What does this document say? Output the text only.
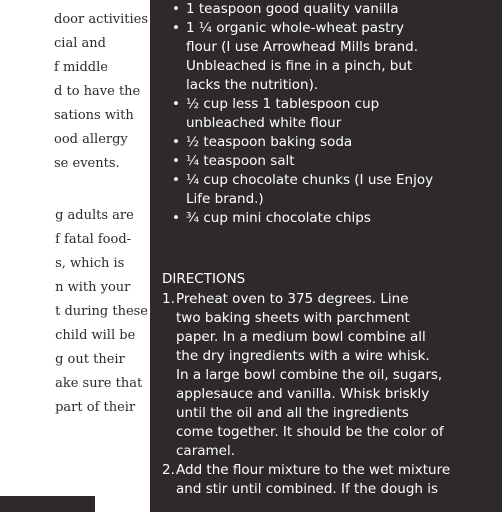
door activities
cial and
f middle
d to have the
sations with
ood allergy
se events.
g adults are
f fatal food-
s, which is
n with your
t during these
child will be
g out their
ake sure that
part of their
• 1 teaspoon good quality vanilla
• 1 ¼ organic whole-wheat pastry
flour (I use Arrowhead Mills brand.
Unbleached is fine in a pinch, but
lacks the nutrition).
• ½ cup less 1 tablespoon cup
unbleached white flour
• ½ teaspoon baking soda
• ¼ teaspoon salt
• ¼ cup chocolate chunks (I use Enjoy
Life brand.)
• ¾ cup mini chocolate chips
DIRECTIONS
1. Preheat oven to 375 degrees. Line
two baking sheets with parchment
paper. In a medium bowl combine all
the dry ingredients with a wire whisk.
In a large bowl combine the oil, sugars,
applesauce and vanilla. Whisk briskly
until the oil and all the ingredients
come together. It should be the color of
caramel.
2. Add the flour mixture to the wet mixture
and stir until combined. If the dough is
